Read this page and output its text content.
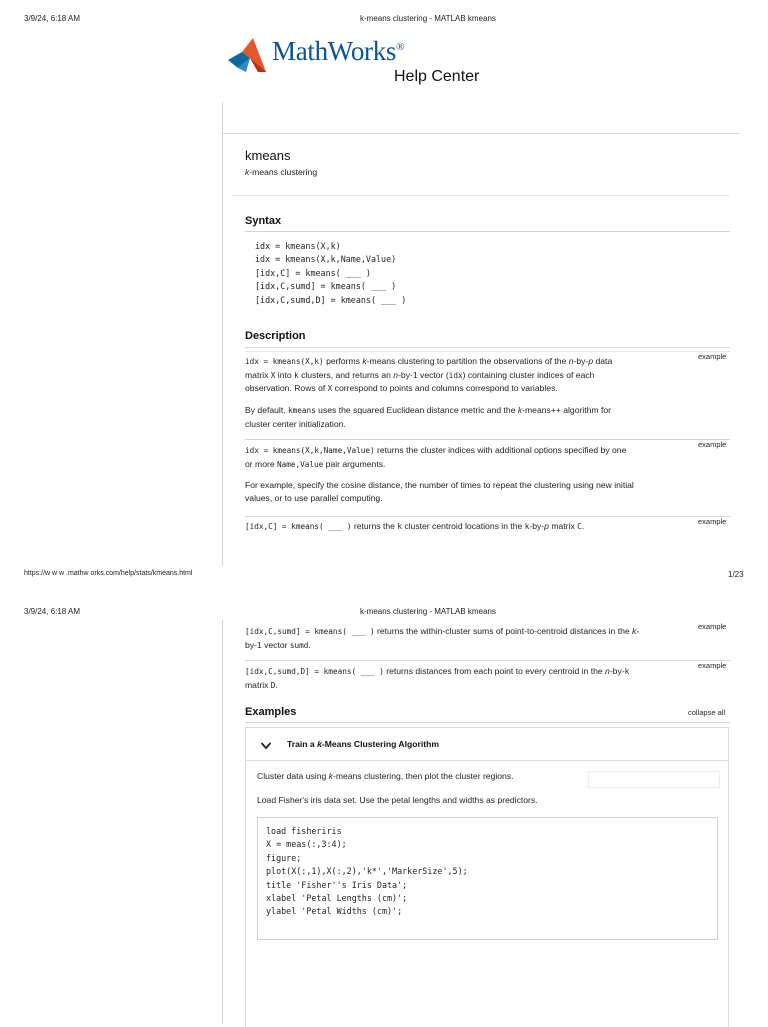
3/9/24, 6:18 AM	k-means clustering - MATLAB kmeans
MathWorks®
Help Center
kmeans
k-means clustering
Syntax
idx = kmeans(X,k)
idx = kmeans(X,k,Name,Value)
[idx,C] = kmeans( ___ )
[idx,C,sumd] = kmeans( ___ )
[idx,C,sumd,D] = kmeans( ___ )
Description
example
idx = kmeans(X,k) performs k-means clustering to partition the observations of the n-by-p data
matrix X into k clusters, and returns an n-by-1 vector (idx) containing cluster indices of each
observation. Rows of X correspond to points and columns correspond to variables.
By default, kmeans uses the squared Euclidean distance metric and the k-means++ algorithm for
cluster center initialization.
example
idx = kmeans(X,k,Name,Value) returns the cluster indices with additional options specified by one
or more Name,Value pair arguments.
For example, specify the cosine distance, the number of times to repeat the clustering using new initial
values, or to use parallel computing.
example
[idx,C] = kmeans( ___ ) returns the k cluster centroid locations in the k-by-p matrix C.
https://w w w .mathw orks.com/help/stats/kmeans.html	1/23
3/9/24, 6:18 AM	k-means clustering - MATLAB kmeans
example
[idx,C,sumd] = kmeans( ___ ) returns the within-cluster sums of point-to-centroid distances in the k-
by-1 vector sumd.
example
[idx,C,sumd,D] = kmeans( ___ ) returns distances from each point to every centroid in the n-by-k
matrix D.
Examples	collapse all
Train a k-Means Clustering Algorithm
Cluster data using k-means clustering, then plot the cluster regions.
Load Fisher's iris data set. Use the petal lengths and widths as predictors.
load fisheriris
X = meas(:,3:4);
figure;
plot(X(:,1),X(:,2),'k*','MarkerSize',5);
title 'Fisher''s Iris Data';
xlabel 'Petal Lengths (cm)';
ylabel 'Petal Widths (cm)';
